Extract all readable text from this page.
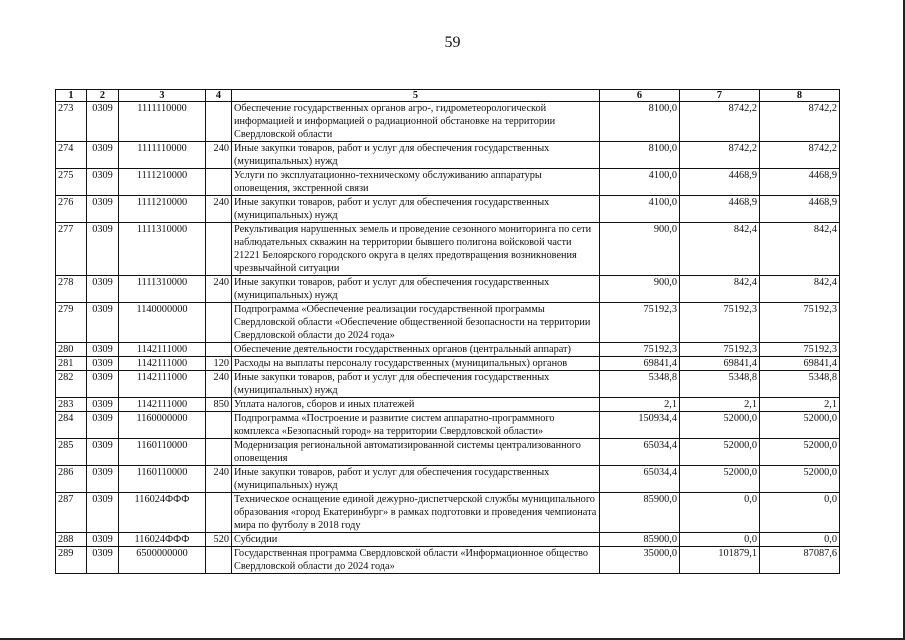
59
1	2	3	4	5	6	7	8
273	0309	1111110000		Обеспечение государственных органов агро-, гидрометеорологической информацией и информацией о радиационной обстановке на территории Свердловской области	8100,0	8742,2	8742,2
274	0309	1111110000	240	Иные закупки товаров, работ и услуг для обеспечения государственных (муниципальных) нужд	8100,0	8742,2	8742,2
275	0309	1111210000		Услуги по эксплуатационно-техническому обслуживанию аппаратуры оповещения, экстренной связи	4100,0	4468,9	4468,9
276	0309	1111210000	240	Иные закупки товаров, работ и услуг для обеспечения государственных (муниципальных) нужд	4100,0	4468,9	4468,9
277	0309	1111310000		Рекультивация нарушенных земель и проведение сезонного мониторинга по сети наблюдательных скважин на территории бывшего полигона войсковой части 21221 Белоярского городского округа в целях предотвращения возникновения чрезвычайной ситуации	900,0	842,4	842,4
278	0309	1111310000	240	Иные закупки товаров, работ и услуг для обеспечения государственных (муниципальных) нужд	900,0	842,4	842,4
279	0309	1140000000		Подпрограмма «Обеспечение реализации государственной программы Свердловской области «Обеспечение общественной безопасности на территории Свердловской области до 2024 года»	75192,3	75192,3	75192,3
280	0309	1142111000		Обеспечение деятельности государственных органов (центральный аппарат)	75192,3	75192,3	75192,3
281	0309	1142111000	120	Расходы на выплаты персоналу государственных (муниципальных) органов	69841,4	69841,4	69841,4
282	0309	1142111000	240	Иные закупки товаров, работ и услуг для обеспечения государственных (муниципальных) нужд	5348,8	5348,8	5348,8
283	0309	1142111000	850	Уплата налогов, сборов и иных платежей	2,1	2,1	2,1
284	0309	1160000000		Подпрограмма «Построение и развитие систем аппаратно-программного комплекса «Безопасный город» на территории Свердловской области»	150934,4	52000,0	52000,0
285	0309	1160110000		Модернизация региональной автоматизированной системы централизованного оповещения	65034,4	52000,0	52000,0
286	0309	1160110000	240	Иные закупки товаров, работ и услуг для обеспечения государственных (муниципальных) нужд	65034,4	52000,0	52000,0
287	0309	116024ФФФ		Техническое оснащение единой дежурно-диспетчерской службы муниципального образования «город Екатеринбург» в рамках подготовки и проведения чемпионата мира по футболу в 2018 году	85900,0	0,0	0,0
288	0309	116024ФФФ	520	Субсидии	85900,0	0,0	0,0
289	0309	6500000000		Государственная программа Свердловской области «Информационное общество Свердловской области до 2024 года»	35000,0	101879,1	87087,6
